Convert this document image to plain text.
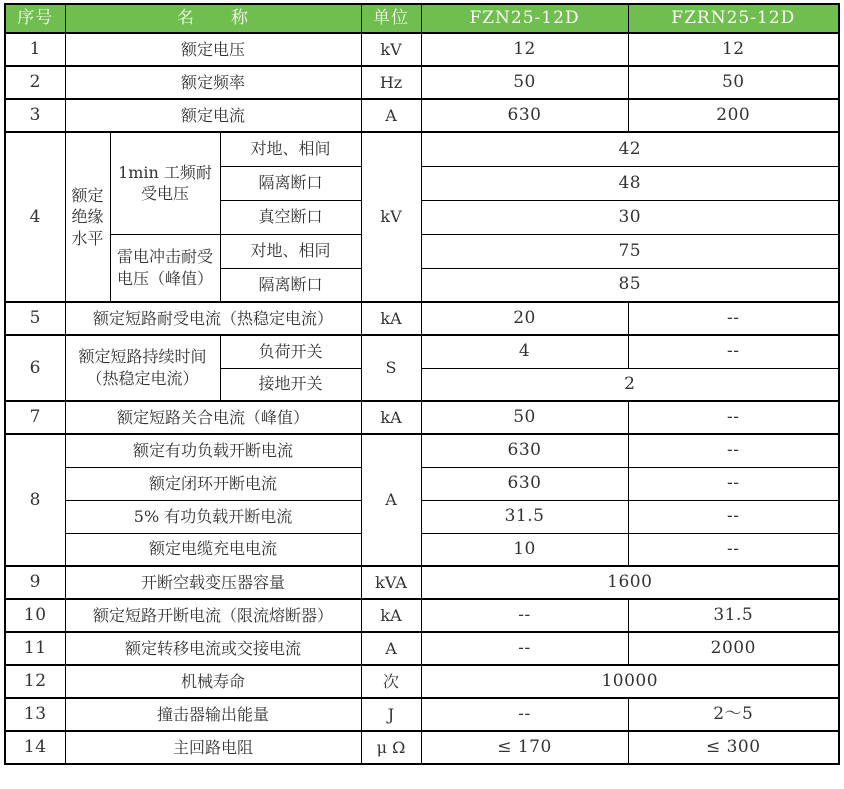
序号	名　　称			单位	FZN25-12D	FZRN25-12D
1	额定电压			kV	12	12
2	额定频率			Hz	50	50
3	额定电流			A	630	200
4	额定绝缘水平	1min 工频耐受电压	对地、相间	kV	42	
			隔离断口		48	
			真空断口		30	
		雷电冲击耐受电压（峰值）	对地、相同		75	
			隔离断口		85	
5	额定短路耐受电流（热稳定电流）			kA	20	--
6	额定短路持续时间（热稳定电流）		负荷开关	S	4	--
			接地开关		2	
7	额定短路关合电流（峰值）			kA	50	--
8	额定有功负载开断电流			A	630	--
	额定闭环开断电流				630	--
	5% 有功负载开断电流				31.5	--
	额定电缆充电电流				10	--
9	开断空载变压器容量			kVA	1600	
10	额定短路开断电流（限流熔断器）			kA	--	31.5
11	额定转移电流或交接电流			A	--	2000
12	机械寿命			次	10000	
13	撞击器输出能量			J	--	2～5
14	主回路电阻			μ Ω	≤ 170	≤ 300
